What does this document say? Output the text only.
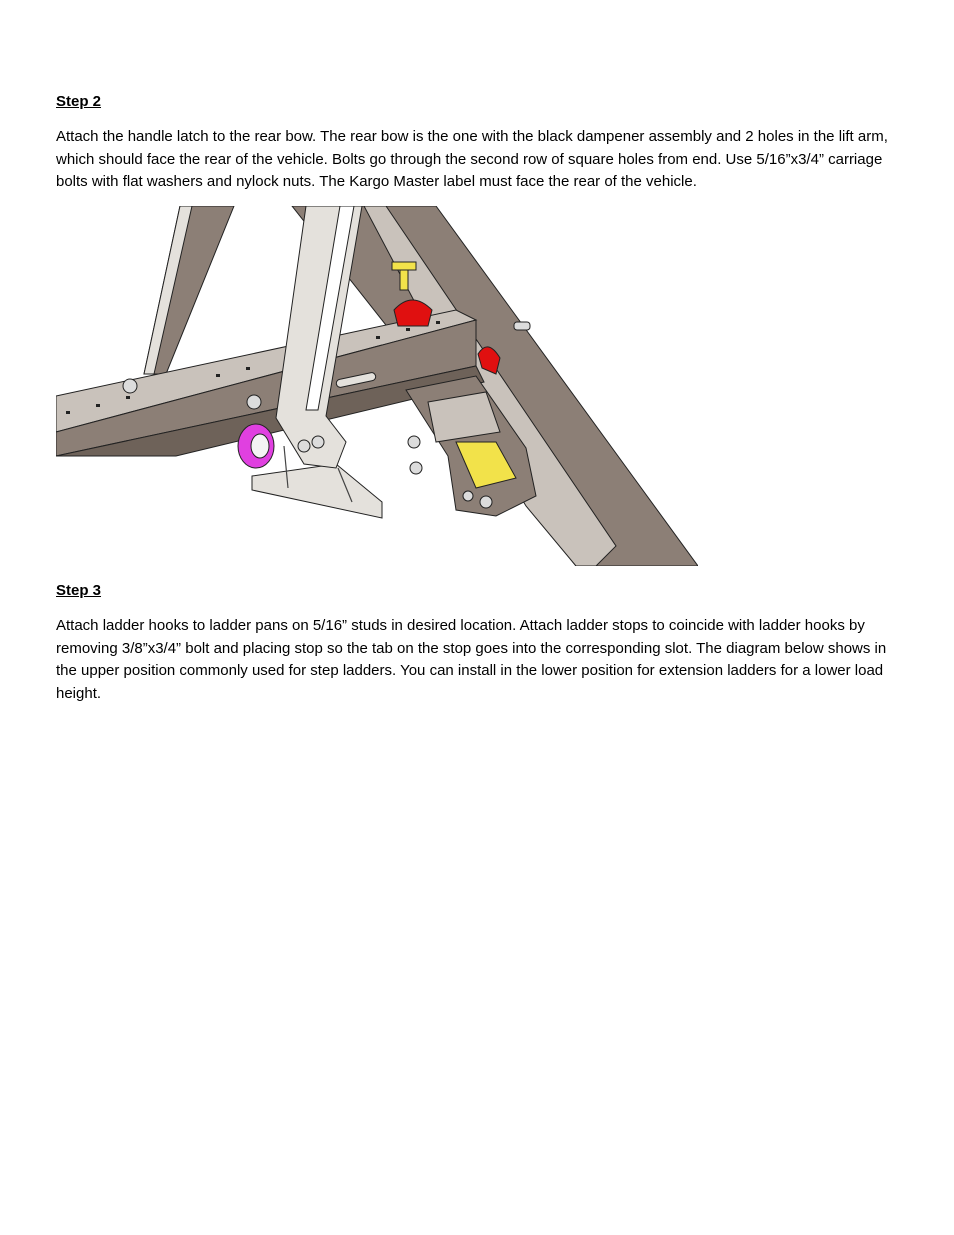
Step 2

Attach the handle latch to the rear bow. The rear bow is the one with the black dampener assembly and 2 holes in the lift arm, which should face the rear of the vehicle. Bolts go through the second row of square holes from end. Use 5/16”x3/4” carriage bolts with flat washers and nylock nuts. The Kargo Master label must face the rear of the vehicle.

Step 3

Attach ladder hooks to ladder pans on 5/16” studs in desired location. Attach ladder stops to coincide with ladder hooks by removing 3/8”x3/4” bolt and placing stop so the tab on the stop goes into the corresponding slot. The diagram below shows in the upper position commonly used for step ladders. You can install in the lower position for extension ladders for a lower load height.
